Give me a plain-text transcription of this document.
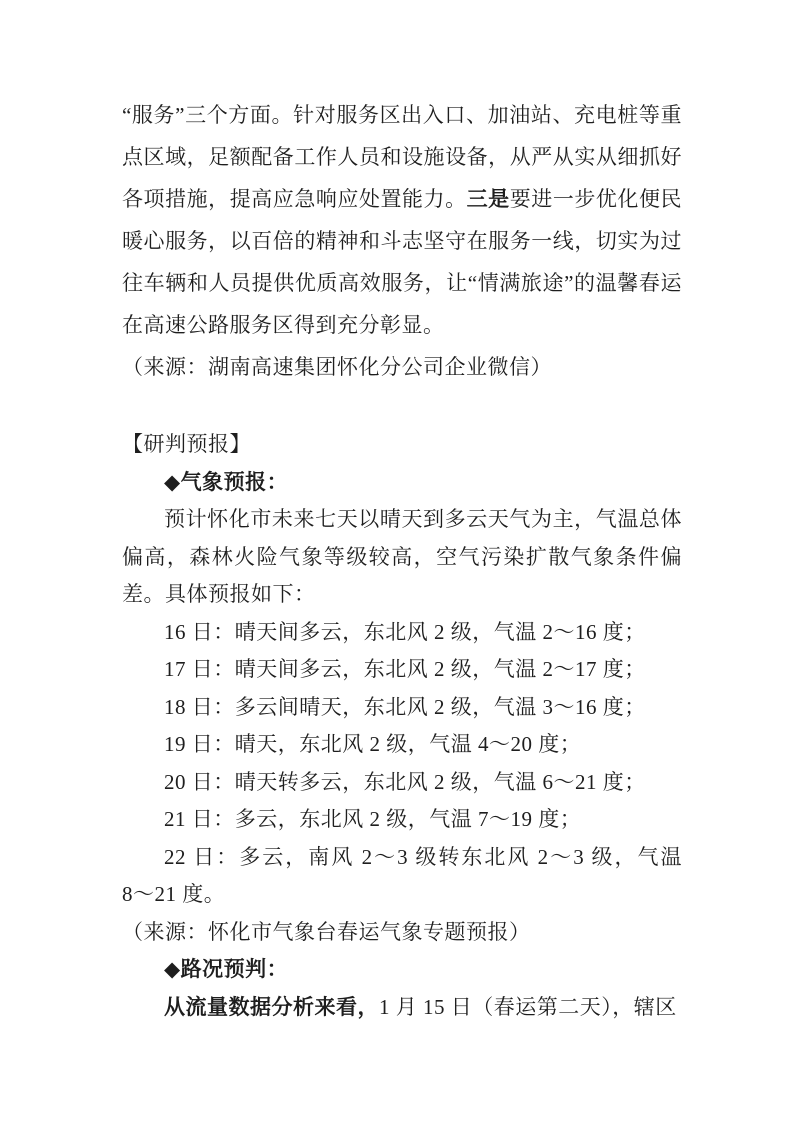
“服务”三个方面。针对服务区出入口、加油站、充电桩等重点区域，足额配备工作人员和设施设备，从严从实从细抓好各项措施，提高应急响应处置能力。三是要进一步优化便民暖心服务，以百倍的精神和斗志坚守在服务一线，切实为过往车辆和人员提供优质高效服务，让“情满旅途”的温馨春运在高速公路服务区得到充分彰显。

（来源：湖南高速集团怀化分公司企业微信）

【研判预报】

◆气象预报：

预计怀化市未来七天以晴天到多云天气为主，气温总体偏高，森林火险气象等级较高，空气污染扩散气象条件偏差。具体预报如下：

16 日：晴天间多云，东北风 2 级，气温 2～16 度；

17 日：晴天间多云，东北风 2 级，气温 2～17 度；

18 日：多云间晴天，东北风 2 级，气温 3～16 度；

19 日：晴天，东北风 2 级，气温 4～20 度；

20 日：晴天转多云，东北风 2 级，气温 6～21 度；

21 日：多云，东北风 2 级，气温 7～19 度；

22 日：多云，南风 2～3 级转东北风 2～3 级，气温 8～21 度。

（来源：怀化市气象台春运气象专题预报）

◆路况预判：

从流量数据分析来看，1 月 15 日（春运第二天），辖区
